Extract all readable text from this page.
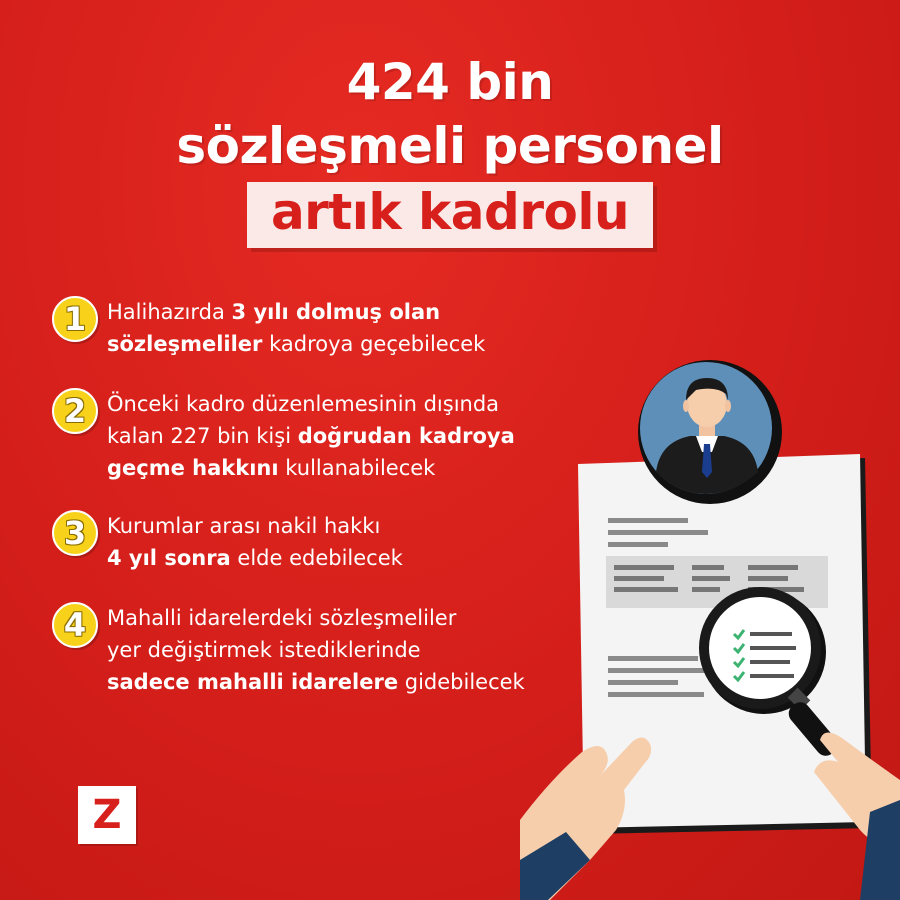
424 bin
sözleşmeli personel
artık kadrolu
1 Halihazırda 3 yılı dolmuş olan
sözleşmeliler kadroya geçebilecek
2 Önceki kadro düzenlemesinin dışında
kalan 227 bin kişi doğrudan kadroya
geçme hakkını kullanabilecek
3 Kurumlar arası nakil hakkı
4 yıl sonra elde edebilecek
4 Mahalli idarelerdeki sözleşmeliler
yer değiştirmek istediklerinde
sadece mahalli idarelere gidebilecek
Z
